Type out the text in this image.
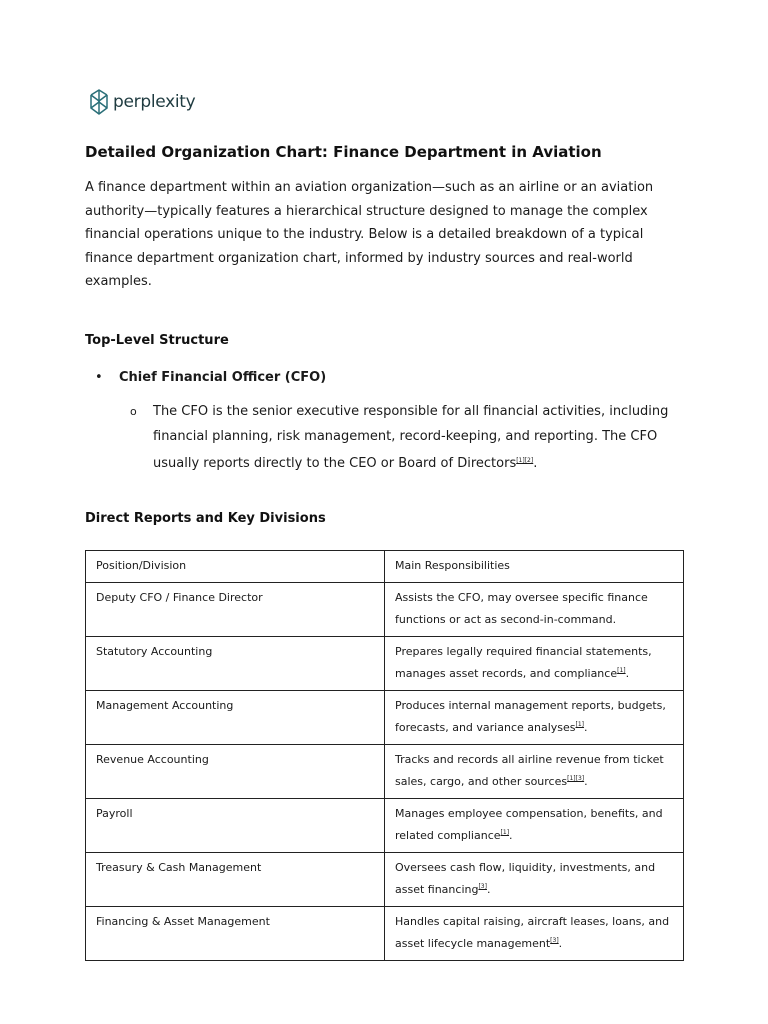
perplexity
Detailed Organization Chart: Finance Department in Aviation

A finance department within an aviation organization—such as an airline or an aviation authority—typically features a hierarchical structure designed to manage the complex financial operations unique to the industry. Below is a detailed breakdown of a typical finance department organization chart, informed by industry sources and real-world examples.

Top-Level Structure
• Chief Financial Officer (CFO)
o The CFO is the senior executive responsible for all financial activities, including financial planning, risk management, record-keeping, and reporting. The CFO usually reports directly to the CEO or Board of Directors[1][2].
Direct Reports and Key Divisions
Position/Division	Main Responsibilities
Deputy CFO / Finance Director	Assists the CFO, may oversee specific finance functions or act as second-in-command.
Statutory Accounting	Prepares legally required financial statements, manages asset records, and compliance[1].
Management Accounting	Produces internal management reports, budgets, forecasts, and variance analyses[1].
Revenue Accounting	Tracks and records all airline revenue from ticket sales, cargo, and other sources[1][3].
Payroll	Manages employee compensation, benefits, and related compliance[1].
Treasury & Cash Management	Oversees cash flow, liquidity, investments, and asset financing[3].
Financing & Asset Management	Handles capital raising, aircraft leases, loans, and asset lifecycle management[3].
